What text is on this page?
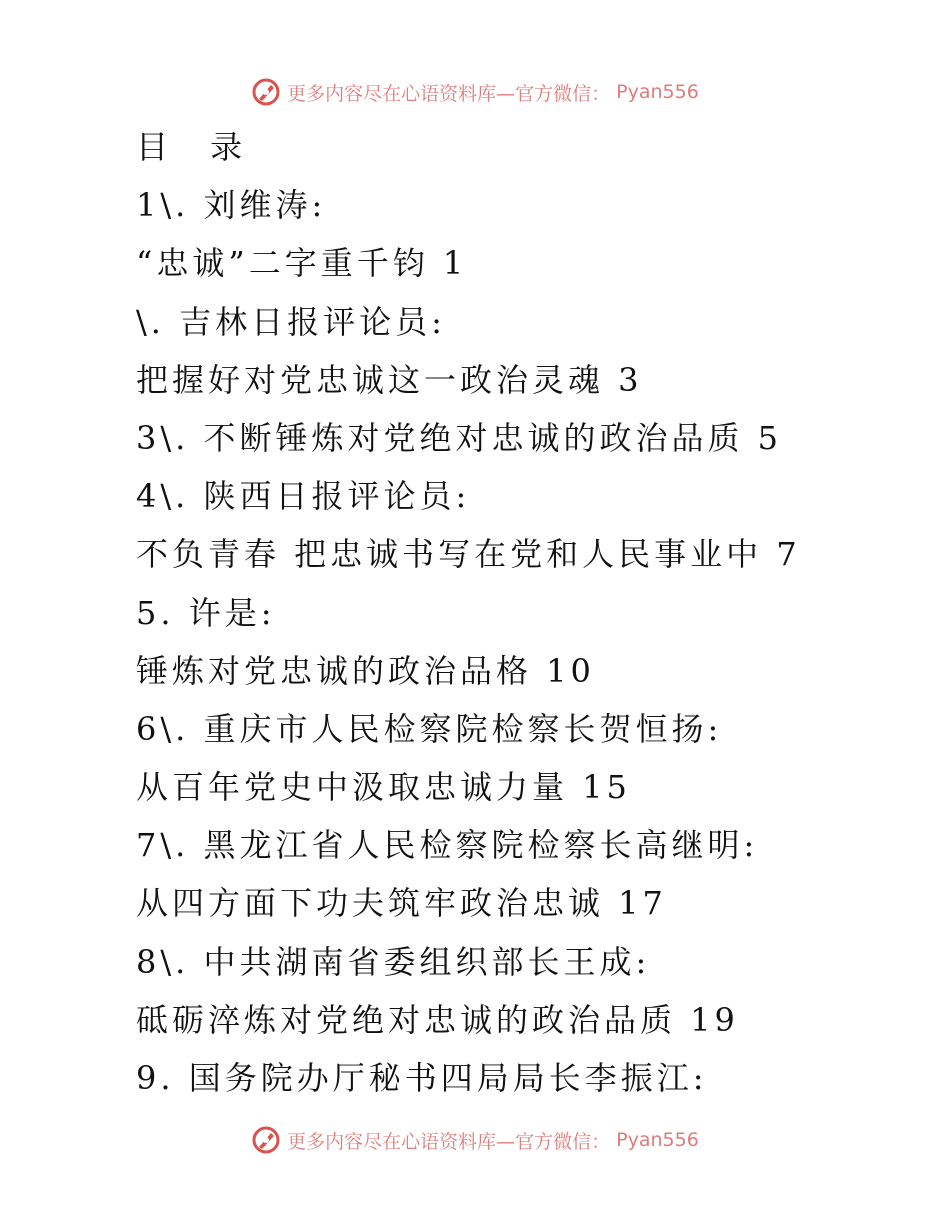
更多内容尽在心语资料库—官方微信： Pyan556
目 录
1\. 刘维涛:
“忠诚”二字重千钧 1
\. 吉林日报评论员:
把握好对党忠诚这一政治灵魂 3
3\. 不断锤炼对党绝对忠诚的政治品质 5
4\. 陕西日报评论员:
不负青春 把忠诚书写在党和人民事业中 7
5. 许是:
锤炼对党忠诚的政治品格 10
6\. 重庆市人民检察院检察长贺恒扬:
从百年党史中汲取忠诚力量 15
7\. 黑龙江省人民检察院检察长高继明:
从四方面下功夫筑牢政治忠诚 17
8\. 中共湖南省委组织部长王成:
砥砺淬炼对党绝对忠诚的政治品质 19
9. 国务院办厅秘书四局局长李振江:
更多内容尽在心语资料库—官方微信： Pyan556
